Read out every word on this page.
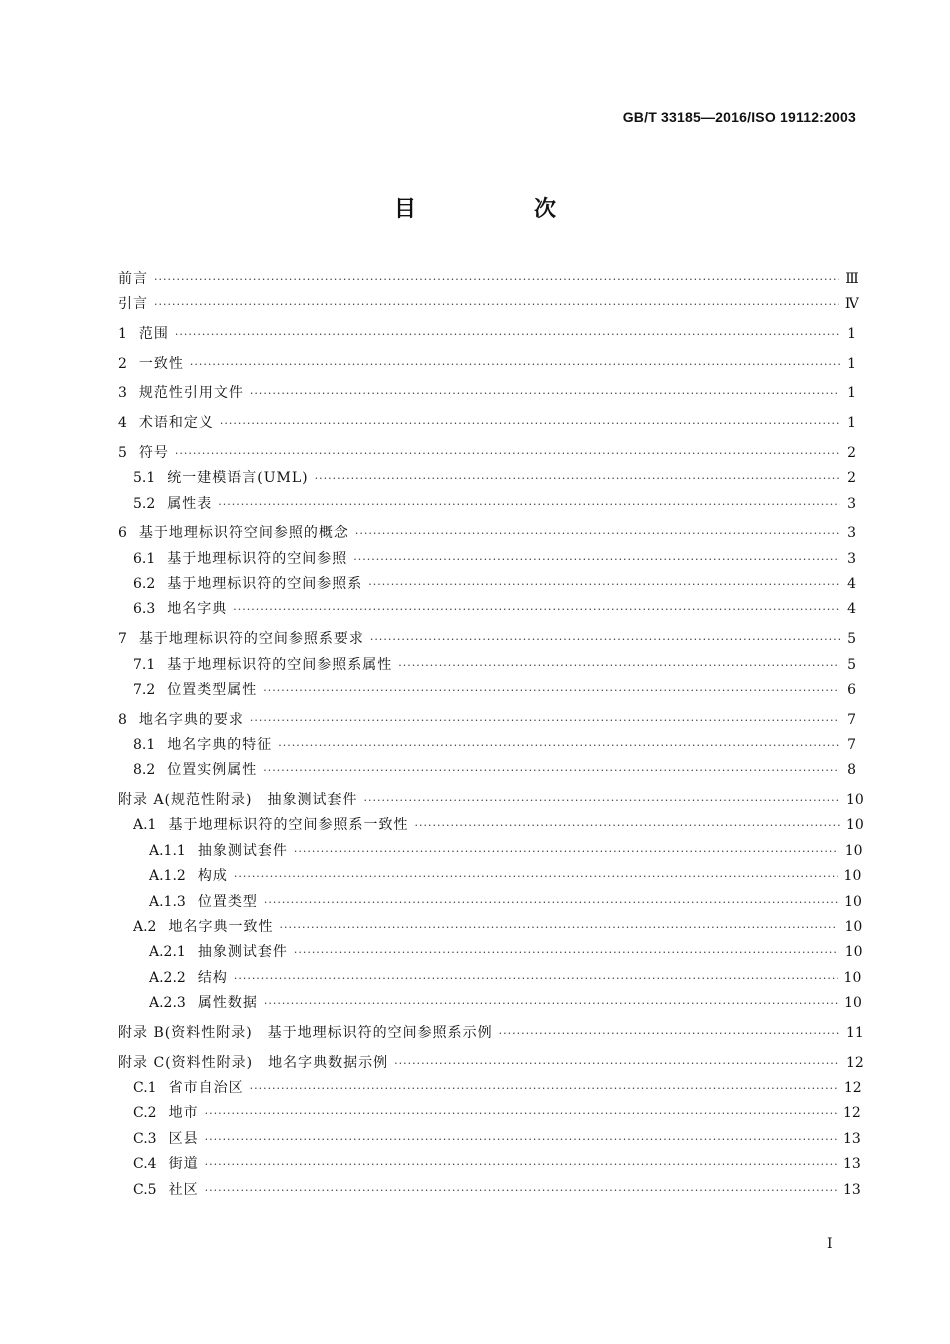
GB/T 33185—2016/ISO 19112:2003
目　次
前言 ·····	Ⅲ
引言 ·····	Ⅳ
1 范围 ·····	1
2 一致性 ·····	1
3 规范性引用文件 ·····	1
4 术语和定义 ·····	1
5 符号 ·····	2
5.1 统一建模语言(UML) ·····	2
5.2 属性表 ·····	3
6 基于地理标识符空间参照的概念 ·····	3
6.1 基于地理标识符的空间参照 ·····	3
6.2 基于地理标识符的空间参照系 ·····	4
6.3 地名字典 ·····	4
7 基于地理标识符的空间参照系要求 ·····	5
7.1 基于地理标识符的空间参照系属性 ·····	5
7.2 位置类型属性 ·····	6
8 地名字典的要求 ·····	7
8.1 地名字典的特征 ·····	7
8.2 位置实例属性 ·····	8
附录 A(规范性附录)　抽象测试套件 ·····	10
A.1 基于地理标识符的空间参照系一致性 ·····	10
A.1.1 抽象测试套件 ·····	10
A.1.2 构成 ·····	10
A.1.3 位置类型 ·····	10
A.2 地名字典一致性 ·····	10
A.2.1 抽象测试套件 ·····	10
A.2.2 结构 ·····	10
A.2.3 属性数据 ·····	10
附录 B(资料性附录)　基于地理标识符的空间参照系示例 ·····	11
附录 C(资料性附录)　地名字典数据示例 ·····	12
C.1 省市自治区 ·····	12
C.2 地市 ·····	12
C.3 区县 ·····	13
C.4 街道 ·····	13
C.5 社区 ·····	13
I
